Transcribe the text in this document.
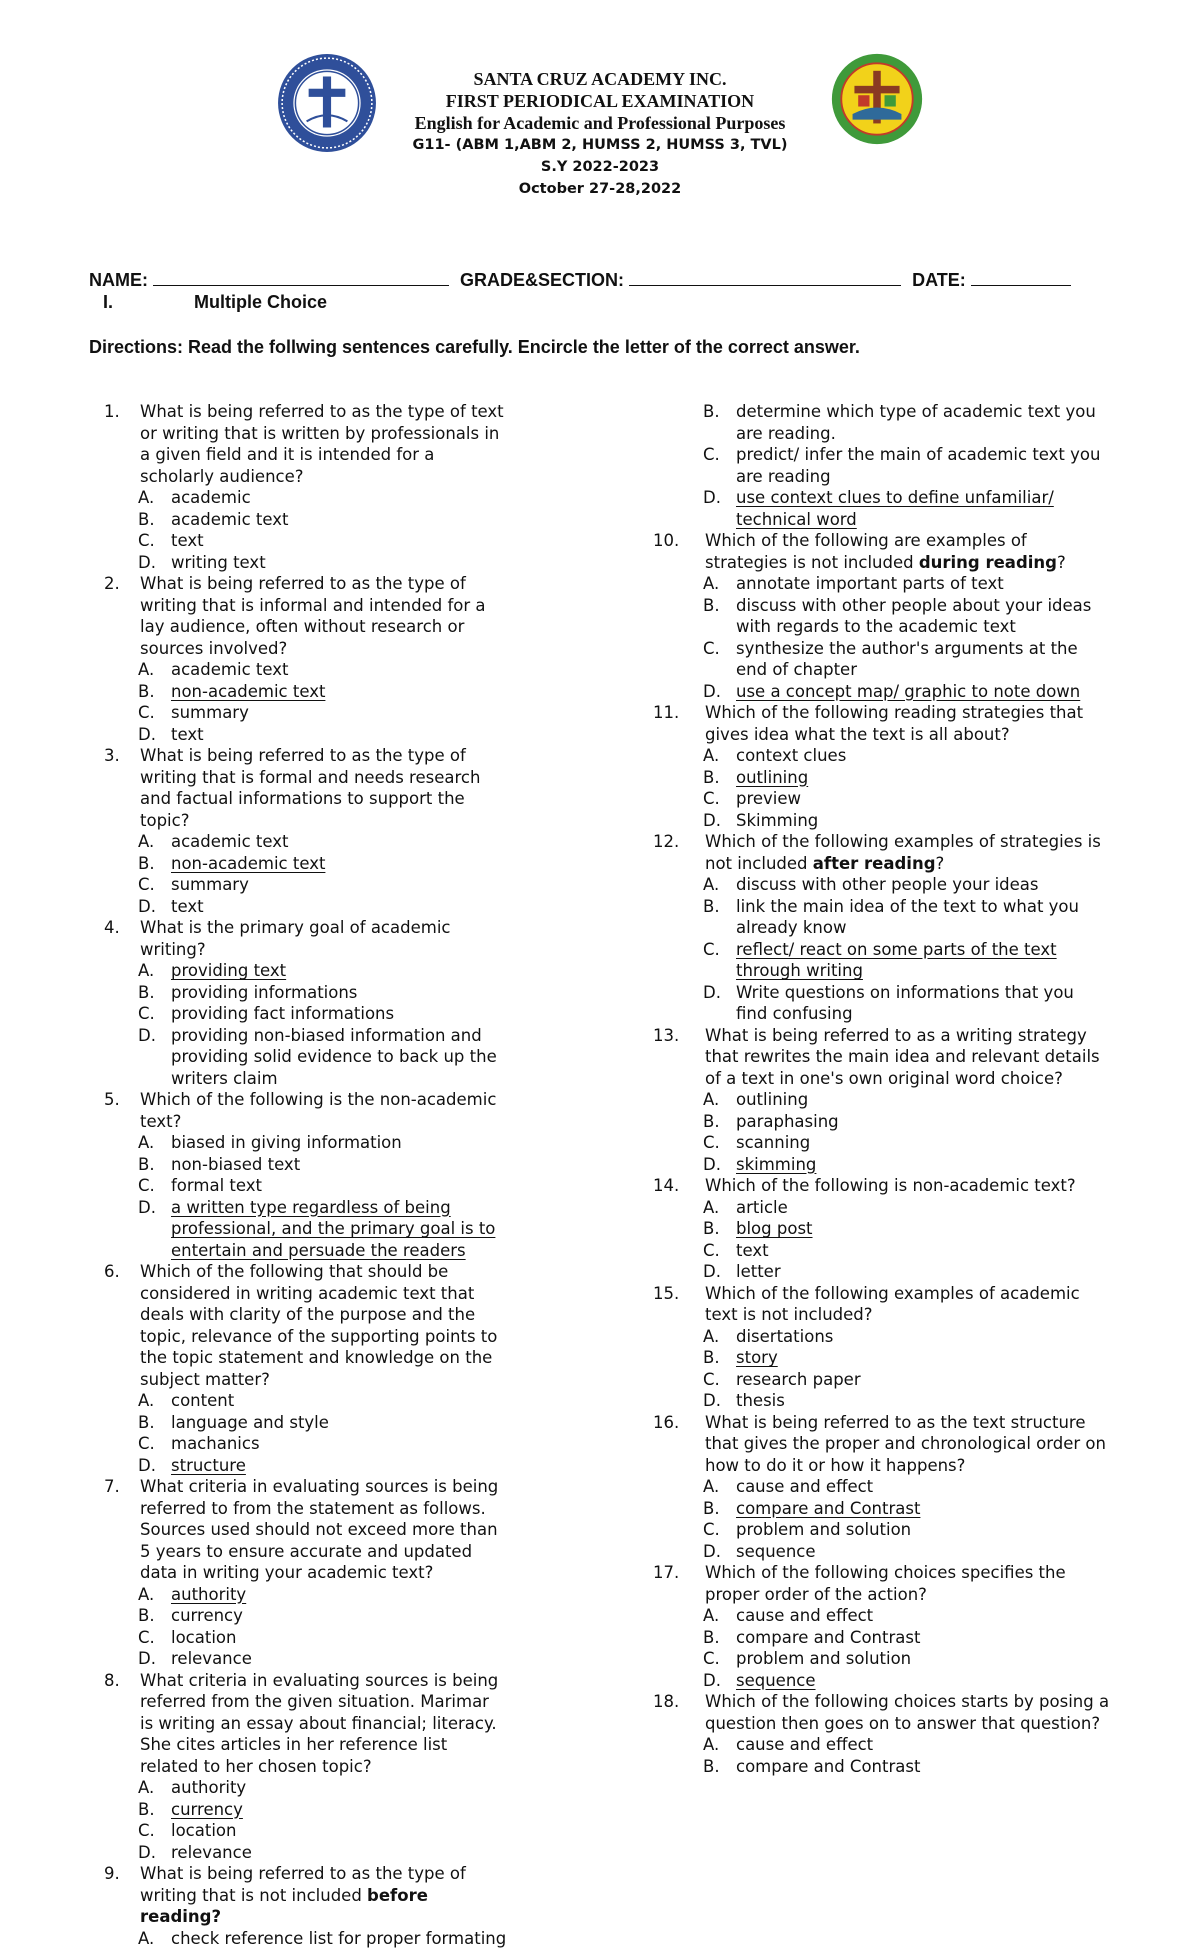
SANTA CRUZ ACADEMY INC.
FIRST PERIODICAL EXAMINATION
English for Academic and Professional Purposes
G11- (ABM 1,ABM 2, HUMSS 2, HUMSS 3, TVL)
S.Y 2022-2023
October 27-28,2022
NAME:	GRADE&SECTION:	DATE:
I.	Multiple Choice
Directions: Read the follwing sentences carefully. Encircle the letter of the correct answer.
1. What is being referred to as the type of text or writing that is written by professionals in a given field and it is intended for a scholarly audience?
A. academic
B. academic text
C. text
D. writing text
2. What is being referred to as the type of writing that is informal and intended for a lay audience, often without research or sources involved?
A. academic text
B. non-academic text
C. summary
D. text
3. What is being referred to as the type of writing that is formal and needs research and factual informations to support the topic?
A. academic text
B. non-academic text
C. summary
D. text
4. What is the primary goal of academic writing?
A. providing text
B. providing informations
C. providing fact informations
D. providing non-biased information and providing solid evidence to back up the writers claim
5. Which of the following is the non-academic text?
A. biased in giving information
B. non-biased text
C. formal text
D. a written type regardless of being professional, and the primary goal is to entertain and persuade the readers
6. Which of the following that should be considered in writing academic text that deals with clarity of the purpose and the topic, relevance of the supporting points to the topic statement and knowledge on the subject matter?
A. content
B. language and style
C. machanics
D. structure
7. What criteria in evaluating sources is being referred to from the statement as follows. Sources used should not exceed more than 5 years to ensure accurate and updated data in writing your academic text?
A. authority
B. currency
C. location
D. relevance
8. What criteria in evaluating sources is being referred from the given situation. Marimar is writing an essay about financial; literacy. She cites articles in her reference list related to her chosen topic?
A. authority
B. currency
C. location
D. relevance
9. What is being referred to as the type of writing that is not included before reading?
A. check reference list for proper formating
B. determine which type of academic text you are reading.
C. predict/ infer the main of academic text you are reading
D. use context clues to define unfamiliar/ technical word
10. Which of the following are examples of strategies is not included during reading?
A. annotate important parts of text
B. discuss with other people about your ideas with regards to the academic text
C. synthesize the author's arguments at the end of chapter
D. use a concept map/ graphic to note down
11. Which of the following reading strategies that gives idea what the text is all about?
A. context clues
B. outlining
C. preview
D. Skimming
12. Which of the following examples of strategies is not included after reading?
A. discuss with other people your ideas
B. link the main idea of the text to what you already know
C. reflect/ react on some parts of the text through writing
D. Write questions on informations that you find confusing
13. What is being referred to as a writing strategy that rewrites the main idea and relevant details of a text in one's own original word choice?
A. outlining
B. paraphasing
C. scanning
D. skimming
14. Which of the following is non-academic text?
A. article
B. blog post
C. text
D. letter
15. Which of the following examples of academic text is not included?
A. disertations
B. story
C. research paper
D. thesis
16. What is being referred to as the text structure that gives the proper and chronological order on how to do it or how it happens?
A. cause and effect
B. compare and Contrast
C. problem and solution
D. sequence
17. Which of the following choices specifies the proper order of the action?
A. cause and effect
B. compare and Contrast
C. problem and solution
D. sequence
18. Which of the following choices starts by posing a question then goes on to answer that question?
A. cause and effect
B. compare and Contrast
